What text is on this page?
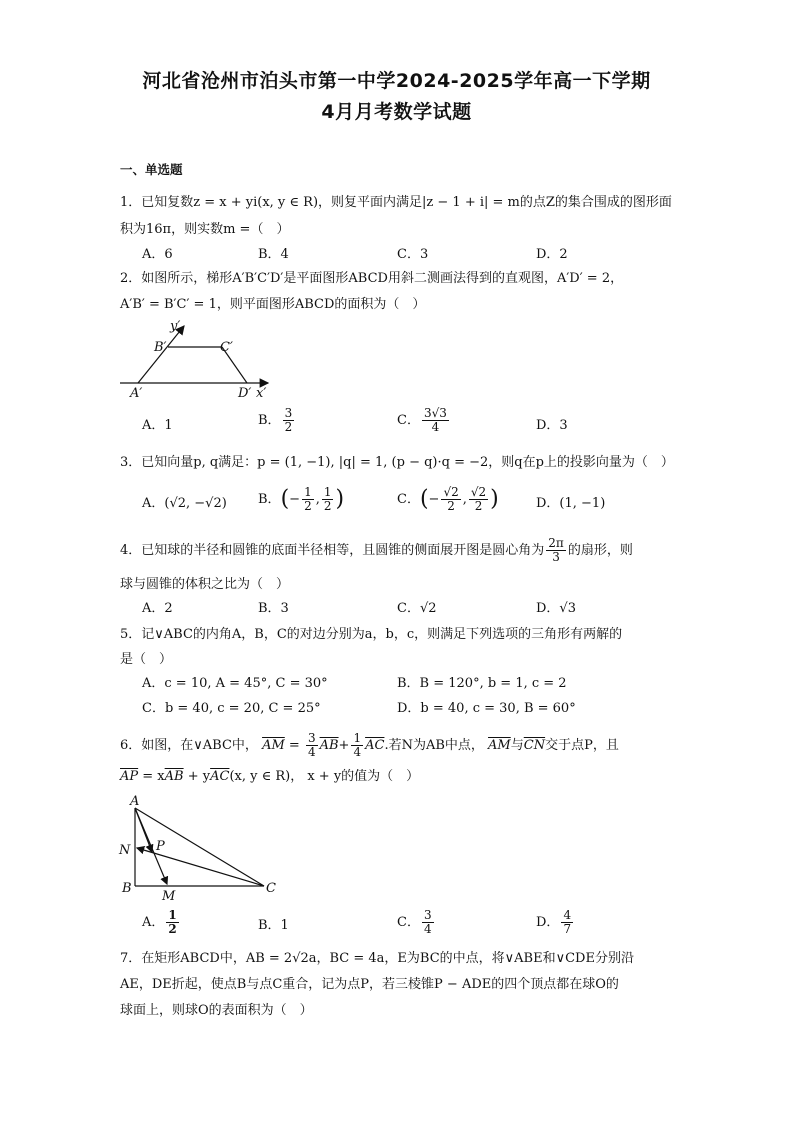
河北省沧州市泊头市第一中学2024-2025学年高一下学期
4月月考数学试题
一、单选题
1．已知复数z = x + yi(x, y ∈ R)，则复平面内满足|z − 1 + i| = m的点Z的集合围成的图形面
积为16π，则实数m =（　）
A．6	B．4	C．3	D．2
2．如图所示，梯形A′B′C′D′是平面图形ABCD用斜二测画法得到的直观图，A′D′ = 2，
A′B′ = B′C′ = 1，则平面图形ABCD的面积为（　）
y′
B′	C′
A′	D′ x′
A．1	B． $\frac{3}{2}$	C． $\frac{3√3}{4}$	D．3
3．已知向量p, q满足：p = (1, −1), |q| = 1, (p − q)·q = −2，则q在p上的投影向量为（　）
A．(√2, −√2) B．(− $\frac{1}{2}$ , $\frac{1}{2}$ )	C．(− $\frac{√2}{2}$ , $\frac{√2}{2}$ )	D．(1, −1)
4．已知球的半径和圆锥的底面半径相等，且圆锥的侧面展开图是圆心角为 $\frac{2\pi}{3}$ 的扇形，则
球与圆锥的体积之比为（　）
A．2	B．3	C．√2	D．√3
5．记∨ABC的内角A，B，C的对边分别为a，b，c，则满足下列选项的三角形有两解的
是（　）
A．c = 10, A = 45°, C = 30°	B．B = 120°, b = 1, c = 2
C．b = 40, c = 20, C = 25°	D．b = 40, c = 30, B = 60°
6．如图，在∨ABC中， $\overline{AM} = \frac{3}{4} \overline{AB}+ \frac{1}{4} \overline{AC}$.若N为AB中点， $\overline{AM}$与$\overline{CN}$交于点P，且
$\overline{AP} = x\overline{AB} + y\overline{AC}(x$, y ∈ R)， x + y的值为（　）
A
N P
B
M
C
A． $\frac{1}{2}$	B．1	C． $\frac{3}{4}$	D． $\frac{4}{7}$
7．在矩形ABCD中，AB = 2√2a，BC = 4a，E为BC的中点，将∨ABE和∨CDE分别沿
AE，DE折起，使点B与点C重合，记为点P，若三棱锥P − ADE的四个顶点都在球O的
球面上，则球O的表面积为（　）
